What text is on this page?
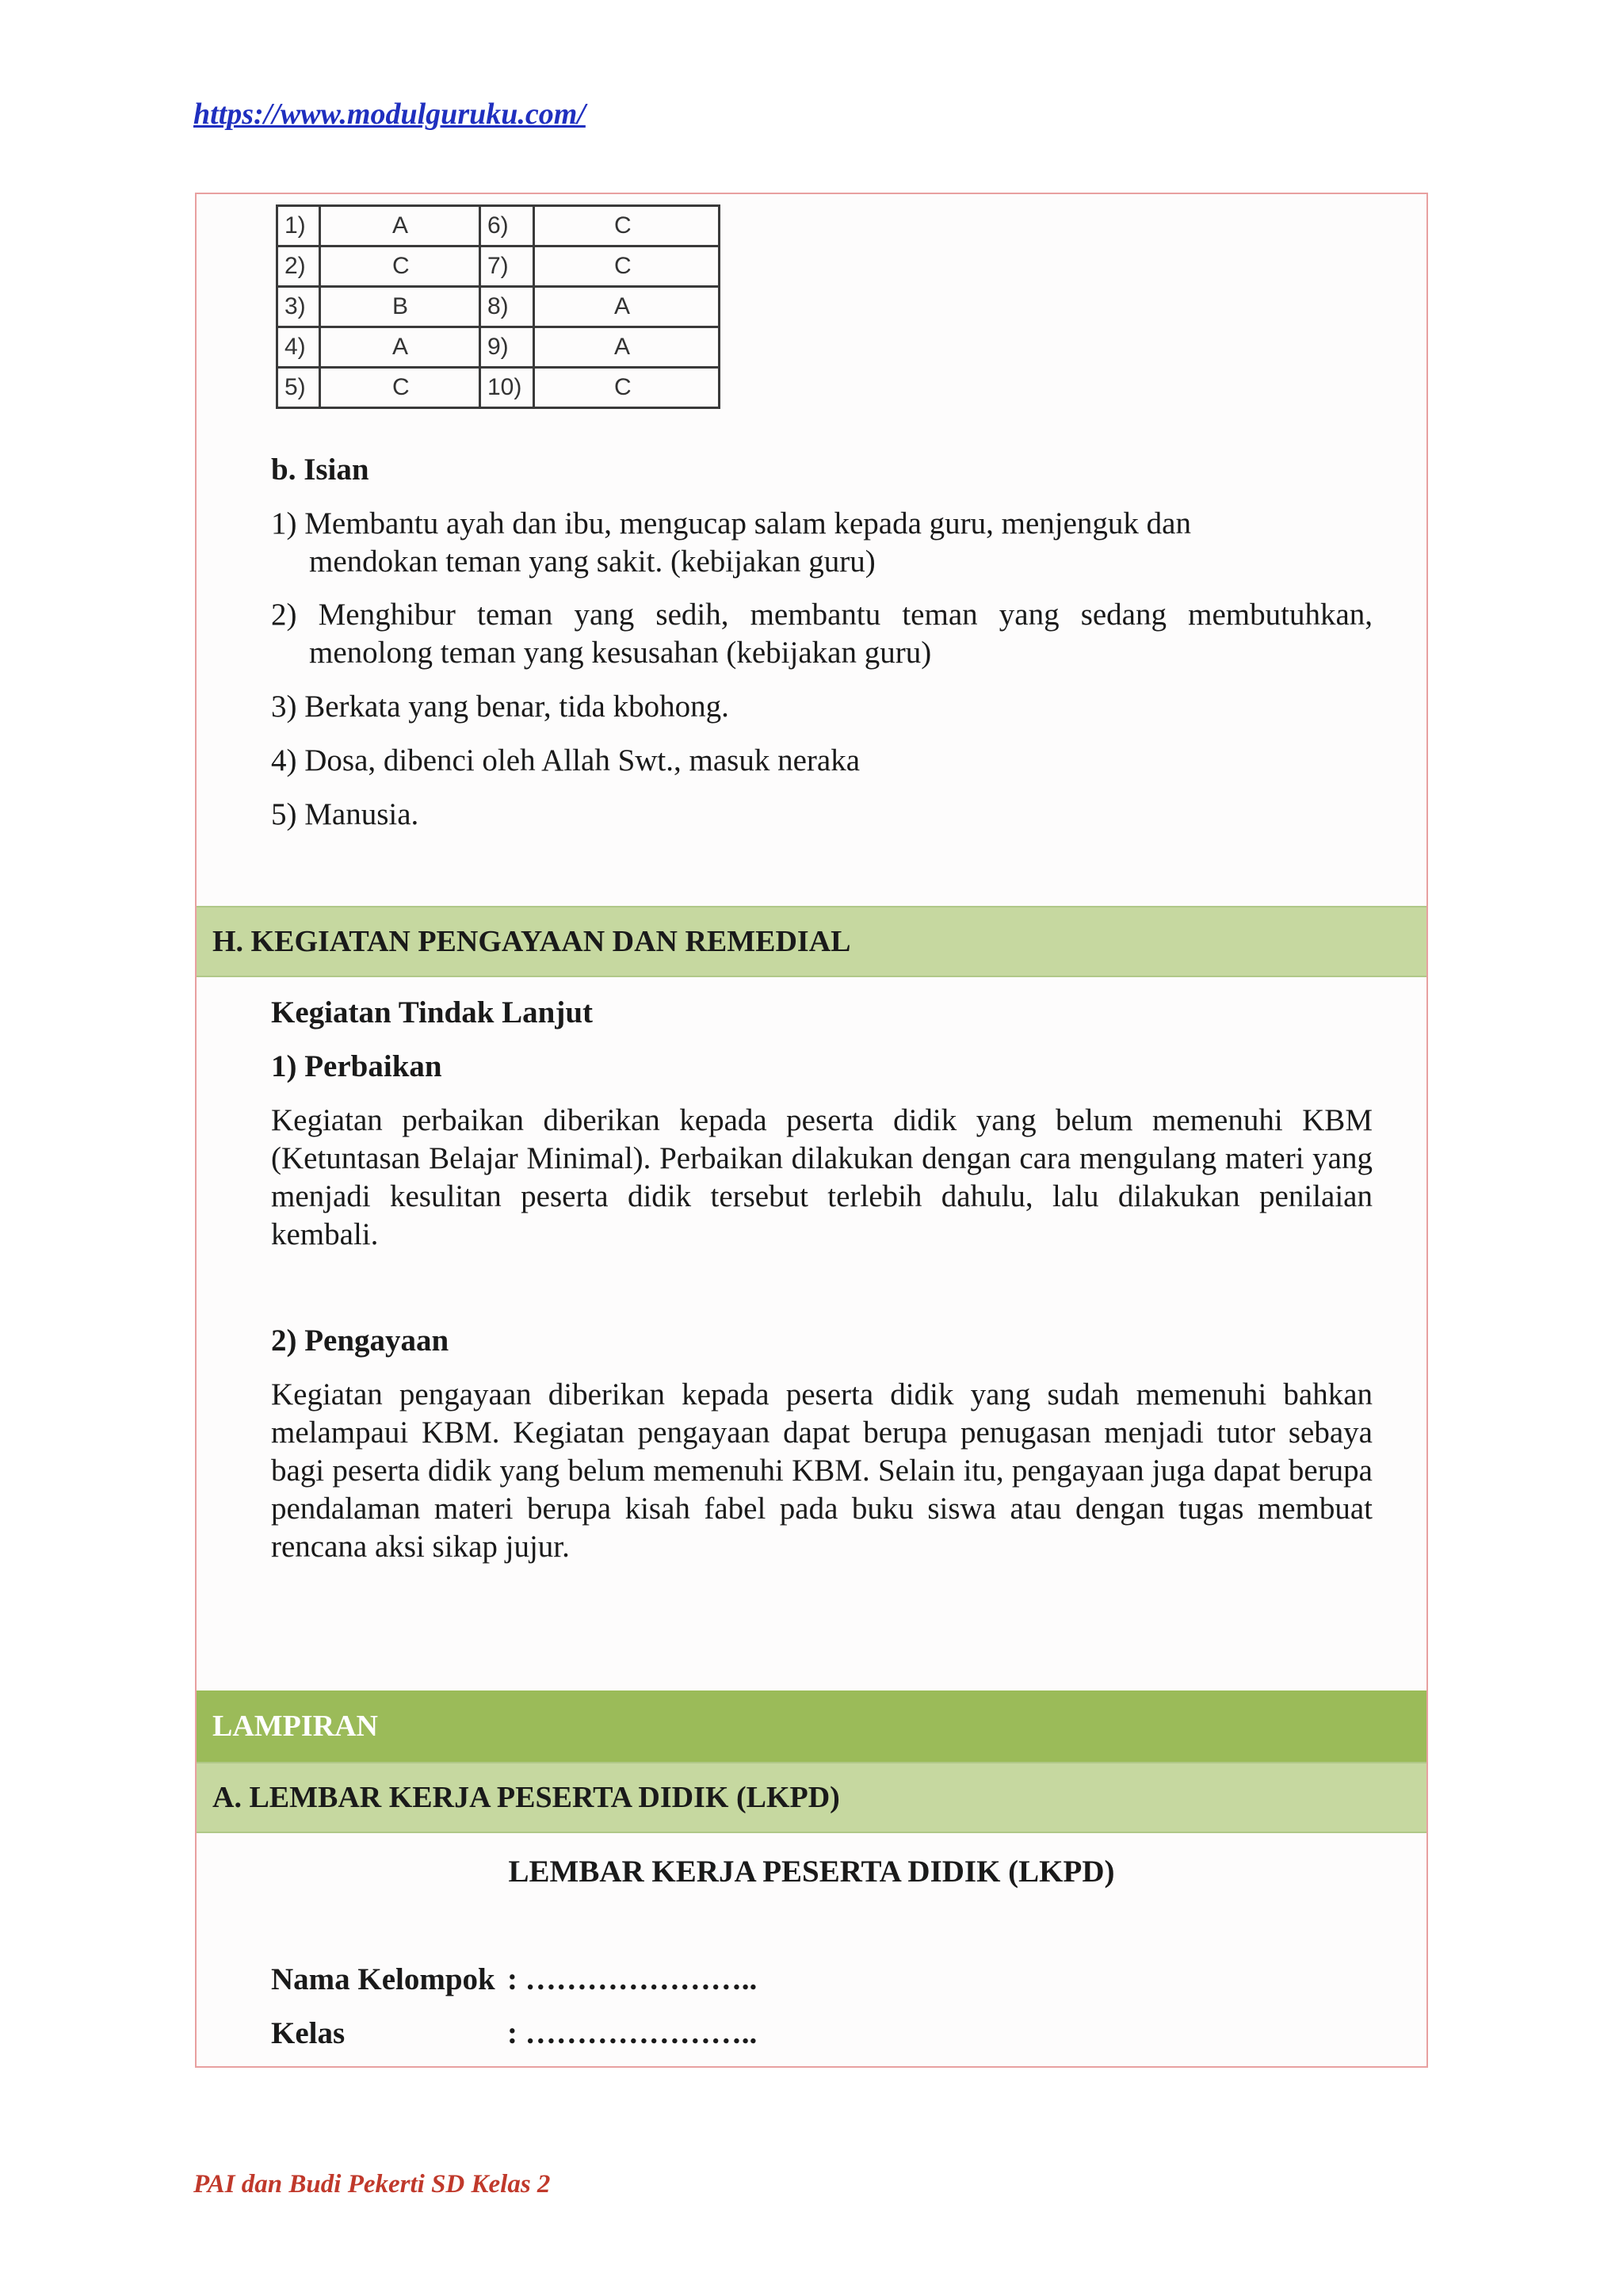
https://www.modulguruku.com/
1)	A	6)	C
2)	C	7)	C
3)	B	8)	A
4)	A	9)	A
5)	C	10)	C
b. Isian
1) Membantu ayah dan ibu, mengucap salam kepada guru, menjenguk dan
mendokan teman yang sakit. (kebijakan guru)
2) Menghibur teman yang sedih, membantu teman yang sedang membutuhkan,
menolong teman yang kesusahan (kebijakan guru)
3) Berkata yang benar, tida kbohong.
4) Dosa, dibenci oleh Allah Swt., masuk neraka
5) Manusia.
H. KEGIATAN PENGAYAAN DAN REMEDIAL
Kegiatan Tindak Lanjut
1) Perbaikan
Kegiatan perbaikan diberikan kepada peserta didik yang belum memenuhi KBM (Ketuntasan Belajar Minimal). Perbaikan dilakukan dengan cara mengulang materi yang menjadi kesulitan peserta didik tersebut terlebih dahulu, lalu dilakukan penilaian kembali.
2) Pengayaan
Kegiatan pengayaan diberikan kepada peserta didik yang sudah memenuhi bahkan melampaui KBM. Kegiatan pengayaan dapat berupa penugasan menjadi tutor sebaya bagi peserta didik yang belum memenuhi KBM. Selain itu, pengayaan juga dapat berupa pendalaman materi berupa kisah fabel pada buku siswa atau dengan tugas membuat rencana aksi sikap jujur.
LAMPIRAN
A. LEMBAR KERJA PESERTA DIDIK (LKPD)
LEMBAR KERJA PESERTA DIDIK (LKPD)
Nama Kelompok : …………………..
Kelas	: …………………..
PAI dan Budi Pekerti SD Kelas 2
